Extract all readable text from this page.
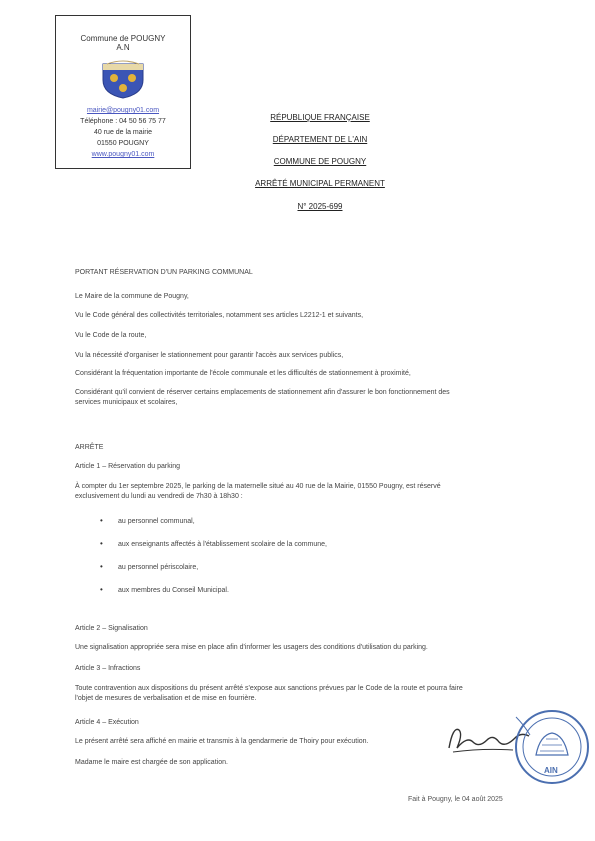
Commune de POUGNY
A.N
mairie@pougny01.com
Téléphone : 04 50 56 75 77
40 rue de la mairie
01550 POUGNY
www.pougny01.com
RÉPUBLIQUE FRANÇAISE
DÉPARTEMENT DE L'AIN
COMMUNE DE POUGNY
ARRÊTÉ MUNICIPAL PERMANENT
N° 2025-699
PORTANT RÉSERVATION D'UN PARKING COMMUNAL
Le Maire de la commune de Pougny,
Vu le Code général des collectivités territoriales, notamment ses articles L2212-1 et suivants,
Vu le Code de la route,
Vu la nécessité d'organiser le stationnement pour garantir l'accès aux services publics,
Considérant la fréquentation importante de l'école communale et les difficultés de stationnement à proximité,
Considérant qu'il convient de réserver certains emplacements de stationnement afin d'assurer le bon fonctionnement des
services municipaux et scolaires,
ARRÊTE
Article 1 – Réservation du parking
À compter du 1er septembre 2025, le parking de la maternelle situé au 40 rue de la Mairie, 01550 Pougny, est réservé
exclusivement du lundi au vendredi de 7h30 à 18h30 :
• au personnel communal,
• aux enseignants affectés à l'établissement scolaire de la commune,
• au personnel périscolaire,
• aux membres du Conseil Municipal.
Article 2 – Signalisation
Une signalisation appropriée sera mise en place afin d'informer les usagers des conditions d'utilisation du parking.
Article 3 – Infractions
Toute contravention aux dispositions du présent arrêté s'expose aux sanctions prévues par le Code de la route et pourra faire
l'objet de mesures de verbalisation et de mise en fourrière.
Article 4 – Exécution
Le présent arrêté sera affiché en mairie et transmis à la gendarmerie de Thoiry pour exécution.
Madame le maire est chargée de son application.
AIN
Fait à Pougny, le 04 août 2025
